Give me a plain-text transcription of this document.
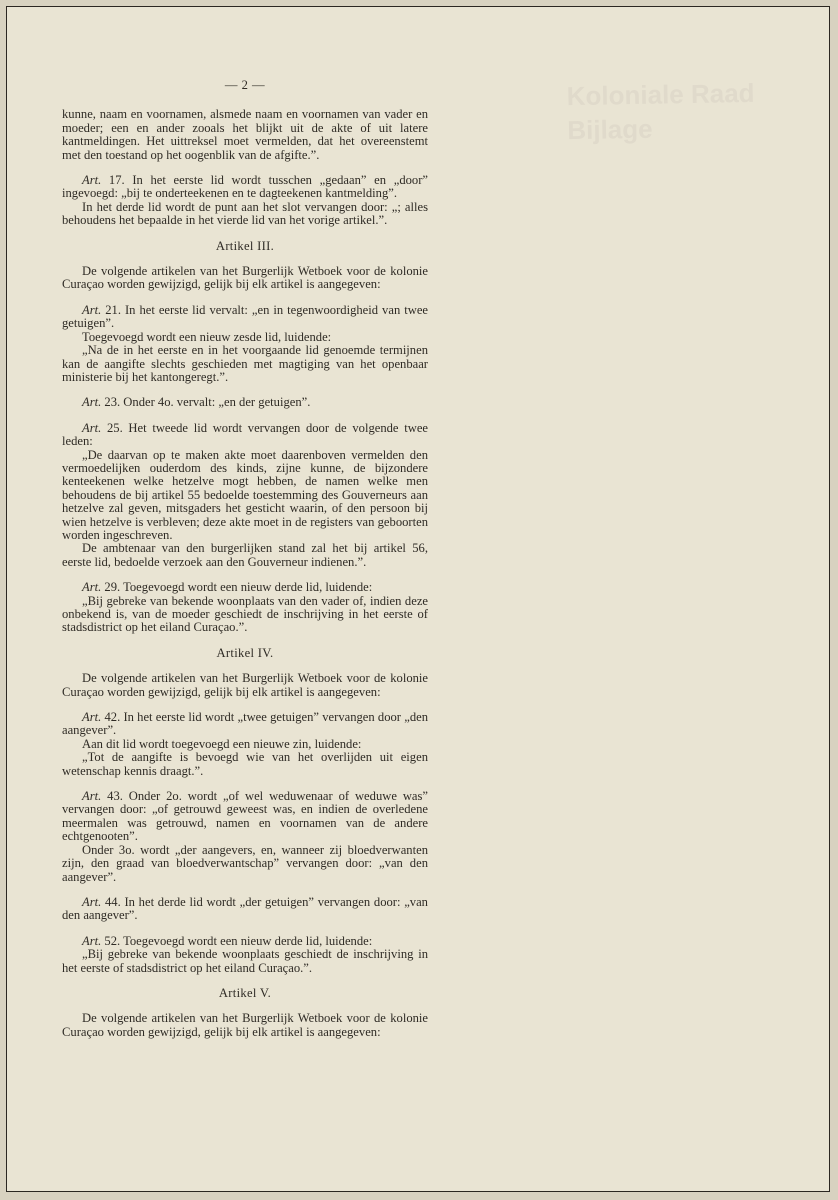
Koloniale Raad
Bijlage
— 2 —

kunne, naam en voornamen, alsmede naam en voornamen van vader en moeder; een en ander zooals het blijkt uit de akte of uit latere kantmeldingen. Het uittreksel moet vermelden, dat het overeenstemt met den toestand op het oogenblik van de afgifte.”.

Art. 17. In het eerste lid wordt tusschen „gedaan” en „door” ingevoegd: „bij te onderteekenen en te dagteekenen kantmelding”.

In het derde lid wordt de punt aan het slot vervangen door: „; alles behoudens het bepaalde in het vierde lid van het vorige artikel.”.

Artikel III.

De volgende artikelen van het Burgerlijk Wetboek voor de kolonie Curaçao worden gewijzigd, gelijk bij elk artikel is aangegeven:

Art. 21. In het eerste lid vervalt: „en in tegenwoordigheid van twee getuigen”.

Toegevoegd wordt een nieuw zesde lid, luidende:

„Na de in het eerste en in het voorgaande lid genoemde termijnen kan de aangifte slechts geschieden met magtiging van het openbaar ministerie bij het kantongeregt.”.

Art. 23. Onder 4o. vervalt: „en der getuigen”.

Art. 25. Het tweede lid wordt vervangen door de volgende twee leden:

„De daarvan op te maken akte moet daarenboven vermelden den vermoedelijken ouderdom des kinds, zijne kunne, de bijzondere kenteekenen welke hetzelve mogt hebben, de namen welke men behoudens de bij artikel 55 bedoelde toestemming des Gouverneurs aan hetzelve zal geven, mitsgaders het gesticht waarin, of den persoon bij wien hetzelve is verbleven; deze akte moet in de registers van geboorten worden ingeschreven.

De ambtenaar van den burgerlijken stand zal het bij artikel 56, eerste lid, bedoelde verzoek aan den Gouverneur indienen.”.

Art. 29. Toegevoegd wordt een nieuw derde lid, luidende:

„Bij gebreke van bekende woonplaats van den vader of, indien deze onbekend is, van de moeder geschiedt de inschrijving in het eerste of stadsdistrict op het eiland Curaçao.”.

Artikel IV.

De volgende artikelen van het Burgerlijk Wetboek voor de kolonie Curaçao worden gewijzigd, gelijk bij elk artikel is aangegeven:

Art. 42. In het eerste lid wordt „twee getuigen” vervangen door „den aangever”.

Aan dit lid wordt toegevoegd een nieuwe zin, luidende:

„Tot de aangifte is bevoegd wie van het overlijden uit eigen wetenschap kennis draagt.”.

Art. 43. Onder 2o. wordt „of wel weduwenaar of weduwe was” vervangen door: „of getrouwd geweest was, en indien de overledene meermalen was getrouwd, namen en voornamen van de andere echtgenooten”.

Onder 3o. wordt „der aangevers, en, wanneer zij bloedverwanten zijn, den graad van bloedverwantschap” vervangen door: „van den aangever”.

Art. 44. In het derde lid wordt „der getuigen” vervangen door: „van den aangever”.

Art. 52. Toegevoegd wordt een nieuw derde lid, luidende:

„Bij gebreke van bekende woonplaats geschiedt de inschrijving in het eerste of stadsdistrict op het eiland Curaçao.”.

Artikel V.

De volgende artikelen van het Burgerlijk Wetboek voor de kolonie Curaçao worden gewijzigd, gelijk bij elk artikel is aangegeven:
